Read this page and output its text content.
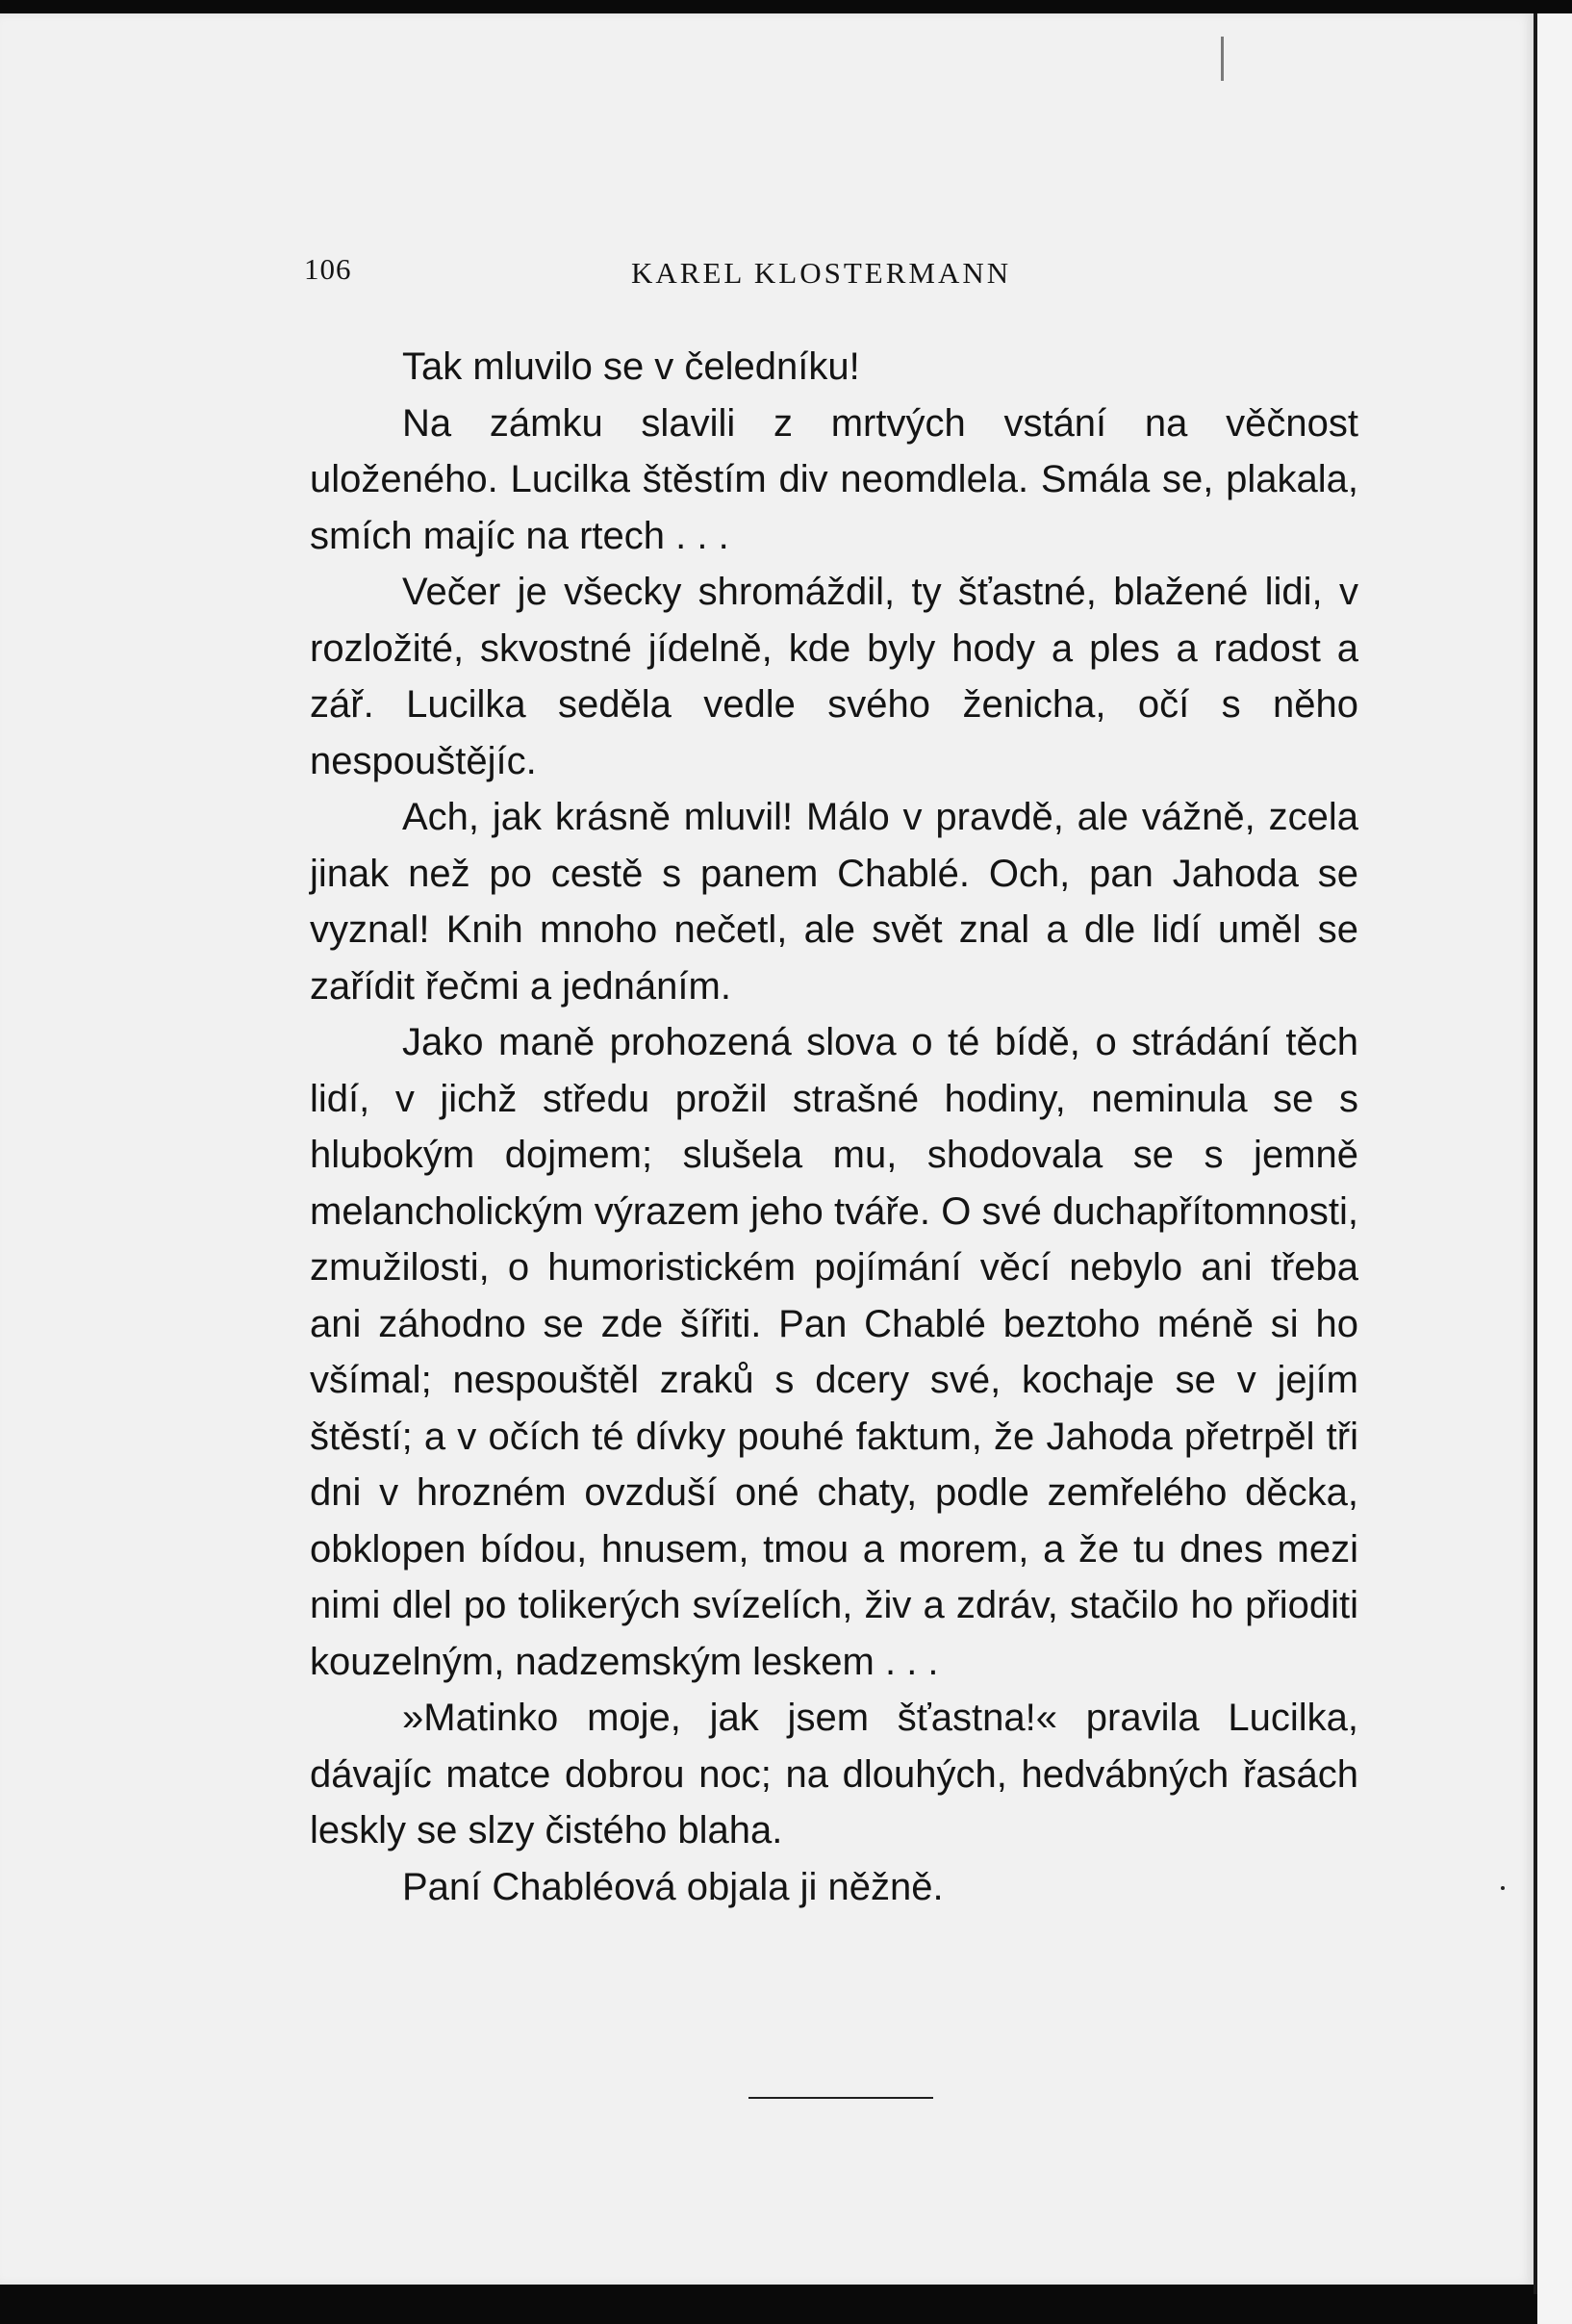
106	KAREL KLOSTERMANN

Tak mluvilo se v čeledníku!

Na zámku slavili z mrtvých vstání na věčnost uloženého. Lucilka štěstím div neomdlela. Smála se, plakala, smích majíc na rtech . . .

Večer je všecky shromáždil, ty šťastné, blažené lidi, v rozložité, skvostné jídelně, kde byly hody a ples a radost a zář. Lucilka seděla vedle svého ženicha, očí s něho nespouštějíc.

Ach, jak krásně mluvil! Málo v pravdě, ale vážně, zcela jinak než po cestě s panem Chablé. Och, pan Jahoda se vyznal! Knih mnoho nečetl, ale svět znal a dle lidí uměl se zařídit řečmi a jednáním.

Jako maně prohozená slova o té bídě, o strádání těch lidí, v jichž středu prožil strašné hodiny, neminula se s hlubokým dojmem; slušela mu, shodovala se s jemně melancholickým výrazem jeho tváře. O své duchapřítomnosti, zmužilosti, o humoristickém pojímání věcí nebylo ani třeba ani záhodno se zde šířiti. Pan Chablé beztoho méně si ho všímal; nespouštěl zraků s dcery své, kochaje se v jejím štěstí; a v očích té dívky pouhé faktum, že Jahoda přetrpěl tři dni v hrozném ovzduší oné chaty, podle zemřelého děcka, obklopen bídou, hnusem, tmou a morem, a že tu dnes mezi nimi dlel po tolikerých svízelích, živ a zdráv, stačilo ho přioditi kouzelným, nadzemským leskem . . .

»Matinko moje, jak jsem šťastna!« pravila Lucilka, dávajíc matce dobrou noc; na dlouhých, hedvábných řasách leskly se slzy čistého blaha.

Paní Chabléová objala ji něžně.
